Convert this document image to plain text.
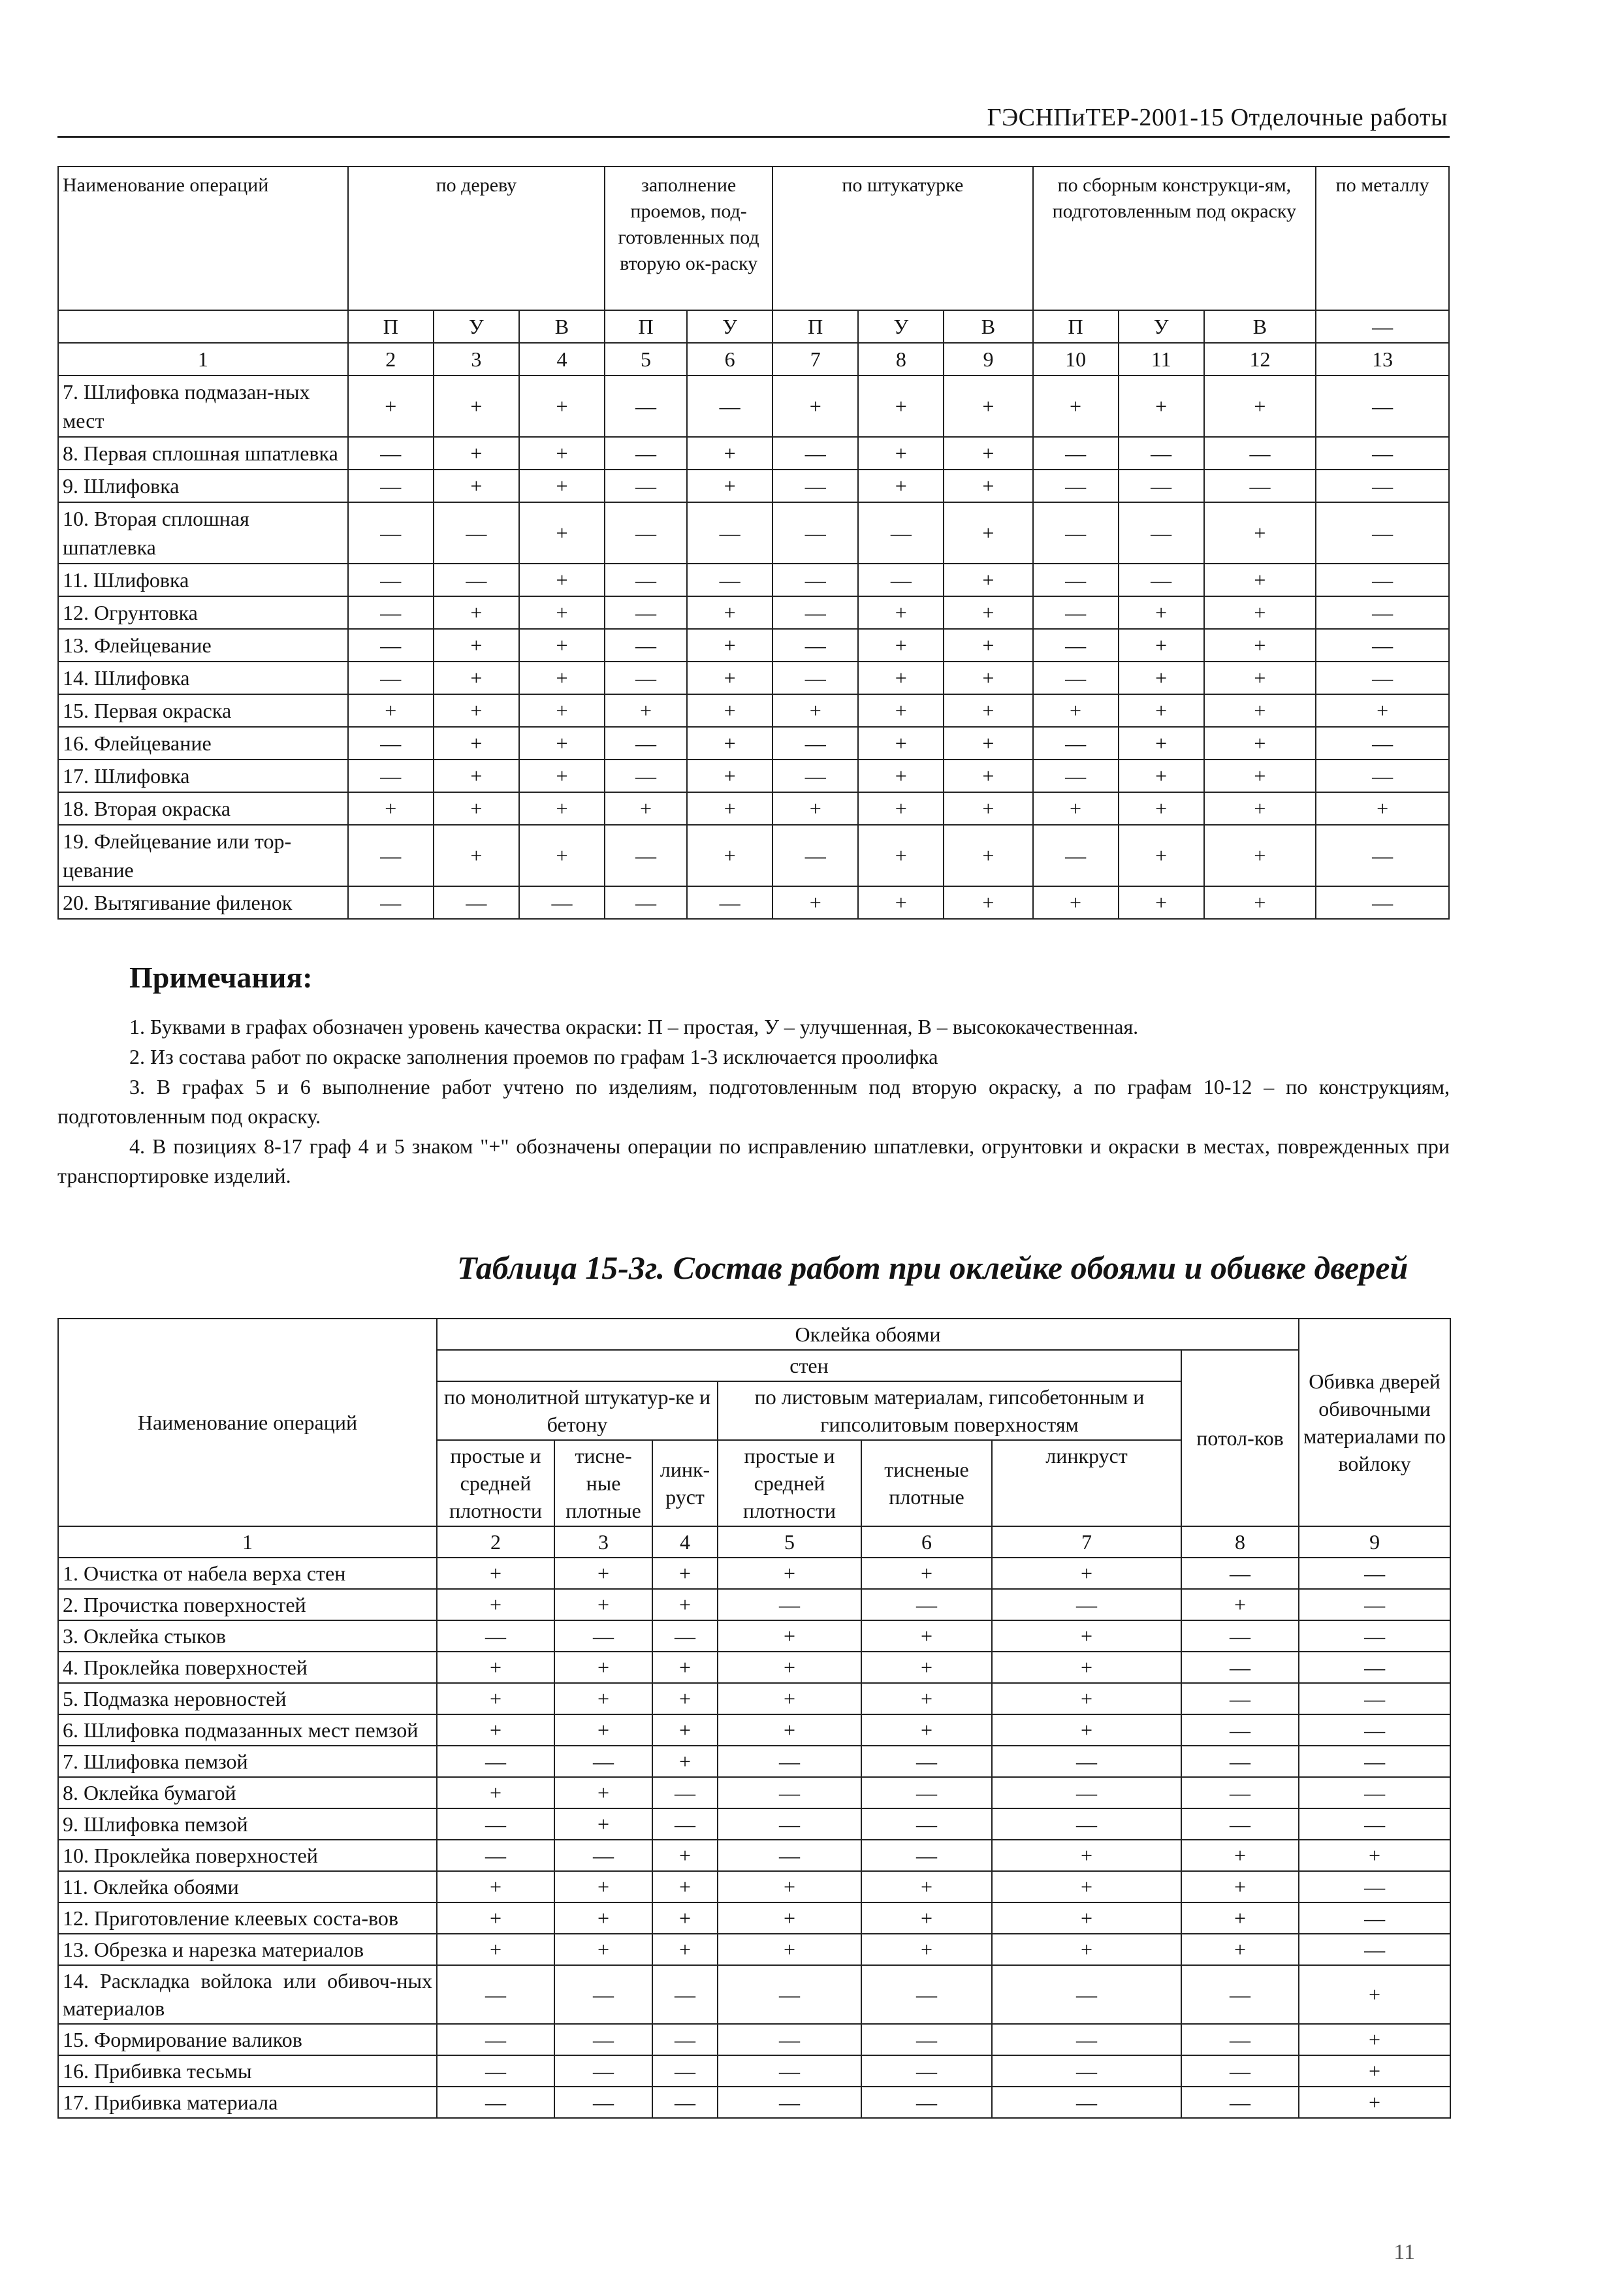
ГЭСНПиТЕР-2001-15 Отделочные работы
Наименование операций	по дереву			заполнение проемов, под-готовленных под вторую ок-раску		по штукатурке			по сборным конструкци-ям, подготовленным под окраску			по металлу
	П	У	В	П	У	П	У	В	П	У	В	—
1	2	3	4	5	6	7	8	9	10	11	12	13
7. Шлифовка подмазан-ных мест	+	+	+	—	—	+	+	+	+	+	+	—
8. Первая сплошная шпатлевка	—	+	+	—	+	—	+	+	—	—	—	—
9. Шлифовка	—	+	+	—	+	—	+	+	—	—	—	—
10. Вторая сплошная шпатлевка	—	—	+	—	—	—	—	+	—	—	+	—
11. Шлифовка	—	—	+	—	—	—	—	+	—	—	+	—
12. Огрунтовка	—	+	+	—	+	—	+	+	—	+	+	—
13. Флейцевание	—	+	+	—	+	—	+	+	—	+	+	—
14. Шлифовка	—	+	+	—	+	—	+	+	—	+	+	—
15. Первая окраска	+	+	+	+	+	+	+	+	+	+	+	+
16. Флейцевание	—	+	+	—	+	—	+	+	—	+	+	—
17. Шлифовка	—	+	+	—	+	—	+	+	—	+	+	—
18. Вторая окраска	+	+	+	+	+	+	+	+	+	+	+	+
19. Флейцевание или тор-цевание	—	+	+	—	+	—	+	+	—	+	+	—
20. Вытягивание филенок	—	—	—	—	—	+	+	+	+	+	+	—
Примечания:

1. Буквами в графах обозначен уровень качества окраски: П – простая, У – улучшенная, В – высококачественная.

2. Из состава работ по окраске заполнения проемов по графам 1-3 исключается проолифка

3. В графах 5 и 6 выполнение работ учтено по изделиям, подготовленным под вторую окраску, а по графам 10-12 – по конструкциям, подготовленным под окраску.

4. В позициях 8-17 граф 4 и 5 знаком "+" обозначены операции по исправлению шпатлевки, огрунтовки и окраски в местах, поврежденных при транспортировке изделий.

Таблица 15-3г. Состав работ при оклейке обоями и обивке дверей
Наименование операций	Оклейка обоями							Обивка дверей обивочными материалами по войлоку
	стен						потол-ков	
	по монолитной штукатур-ке и бетону			по листовым материалам, гипсобетонным и гипсолитовым поверхностям				
	простые и средней плотности	тисне-ные плотные	линк-руст	простые и средней плотности	тисненые плотные	линкруст		
1	2	3	4	5	6	7	8	9
1. Очистка от набела верха стен	+	+	+	+	+	+	—	—
2. Прочистка поверхностей	+	+	+	—	—	—	+	—
3. Оклейка стыков	—	—	—	+	+	+	—	—
4. Проклейка поверхностей	+	+	+	+	+	+	—	—
5. Подмазка неровностей	+	+	+	+	+	+	—	—
6. Шлифовка подмазанных мест пемзой	+	+	+	+	+	+	—	—
7. Шлифовка пемзой	—	—	+	—	—	—	—	—
8. Оклейка бумагой	+	+	—	—	—	—	—	—
9. Шлифовка пемзой	—	+	—	—	—	—	—	—
10. Проклейка поверхностей	—	—	+	—	—	+	+	+
11. Оклейка обоями	+	+	+	+	+	+	+	—
12. Приготовление клеевых соста-вов	+	+	+	+	+	+	+	—
13. Обрезка и нарезка материалов	+	+	+	+	+	+	+	—
14. Раскладка войлока или обивоч-ных материалов	—	—	—	—	—	—	—	+
15. Формирование валиков	—	—	—	—	—	—	—	+
16. Прибивка тесьмы	—	—	—	—	—	—	—	+
17. Прибивка материала	—	—	—	—	—	—	—	+
11
